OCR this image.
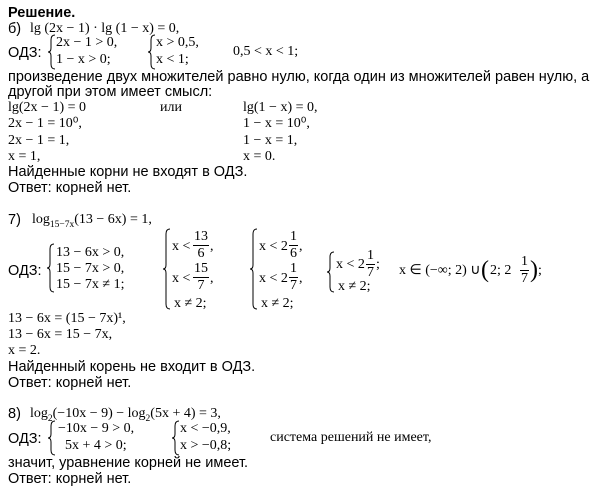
Решение.
б) lg (2x − 1) · lg (1 − x) = 0,
ОДЗ:
2x − 1 > 0,
1 − x > 0;
x > 0,5,
x < 1;
0,5 < x < 1;
произведение двух множителей равно нулю, когда один из множителей равен нулю, а
другой при этом имеет смысл:
lg(2x − 1) = 0
2x − 1 = 10⁰,
2x − 1 = 1,
x = 1,
или	lg(1 − x) = 0,
1 − x = 10⁰,
1 − x = 1,
x = 0.
Найденные корни не входят в ОДЗ.
Ответ: корней нет.
7) $\log_{15-7x}(13 - 6x) = 1$,
ОДЗ:
13 − 6x > 0,
15 − 7x > 0,
15 − 7x ≠ 1;
x <
13
6 ,
x <
15
7 ,
x ≠ 2;
x < 2
1
6 ,
x < 2
1
7 ,
x ≠ 2;
x < 2
1
7
;
x ≠ 2;
x ∈ (−∞; 2) ∪ ( 2; 2
1
7 ) ;
13 − 6x = (15 − 7x)¹,
13 − 6x = 15 − 7x,
x = 2.
Найденный корень не входит в ОДЗ.
Ответ: корней нет.
8) $\log_2(-10x - 9) - \log_2(5x + 4) = 3$,
ОДЗ:
−10x − 9 > 0,
5x + 4 > 0;
x < −0,9,
x > −0,8;
система решений не имеет,
значит, уравнение корней не имеет.
Ответ: корней нет.
